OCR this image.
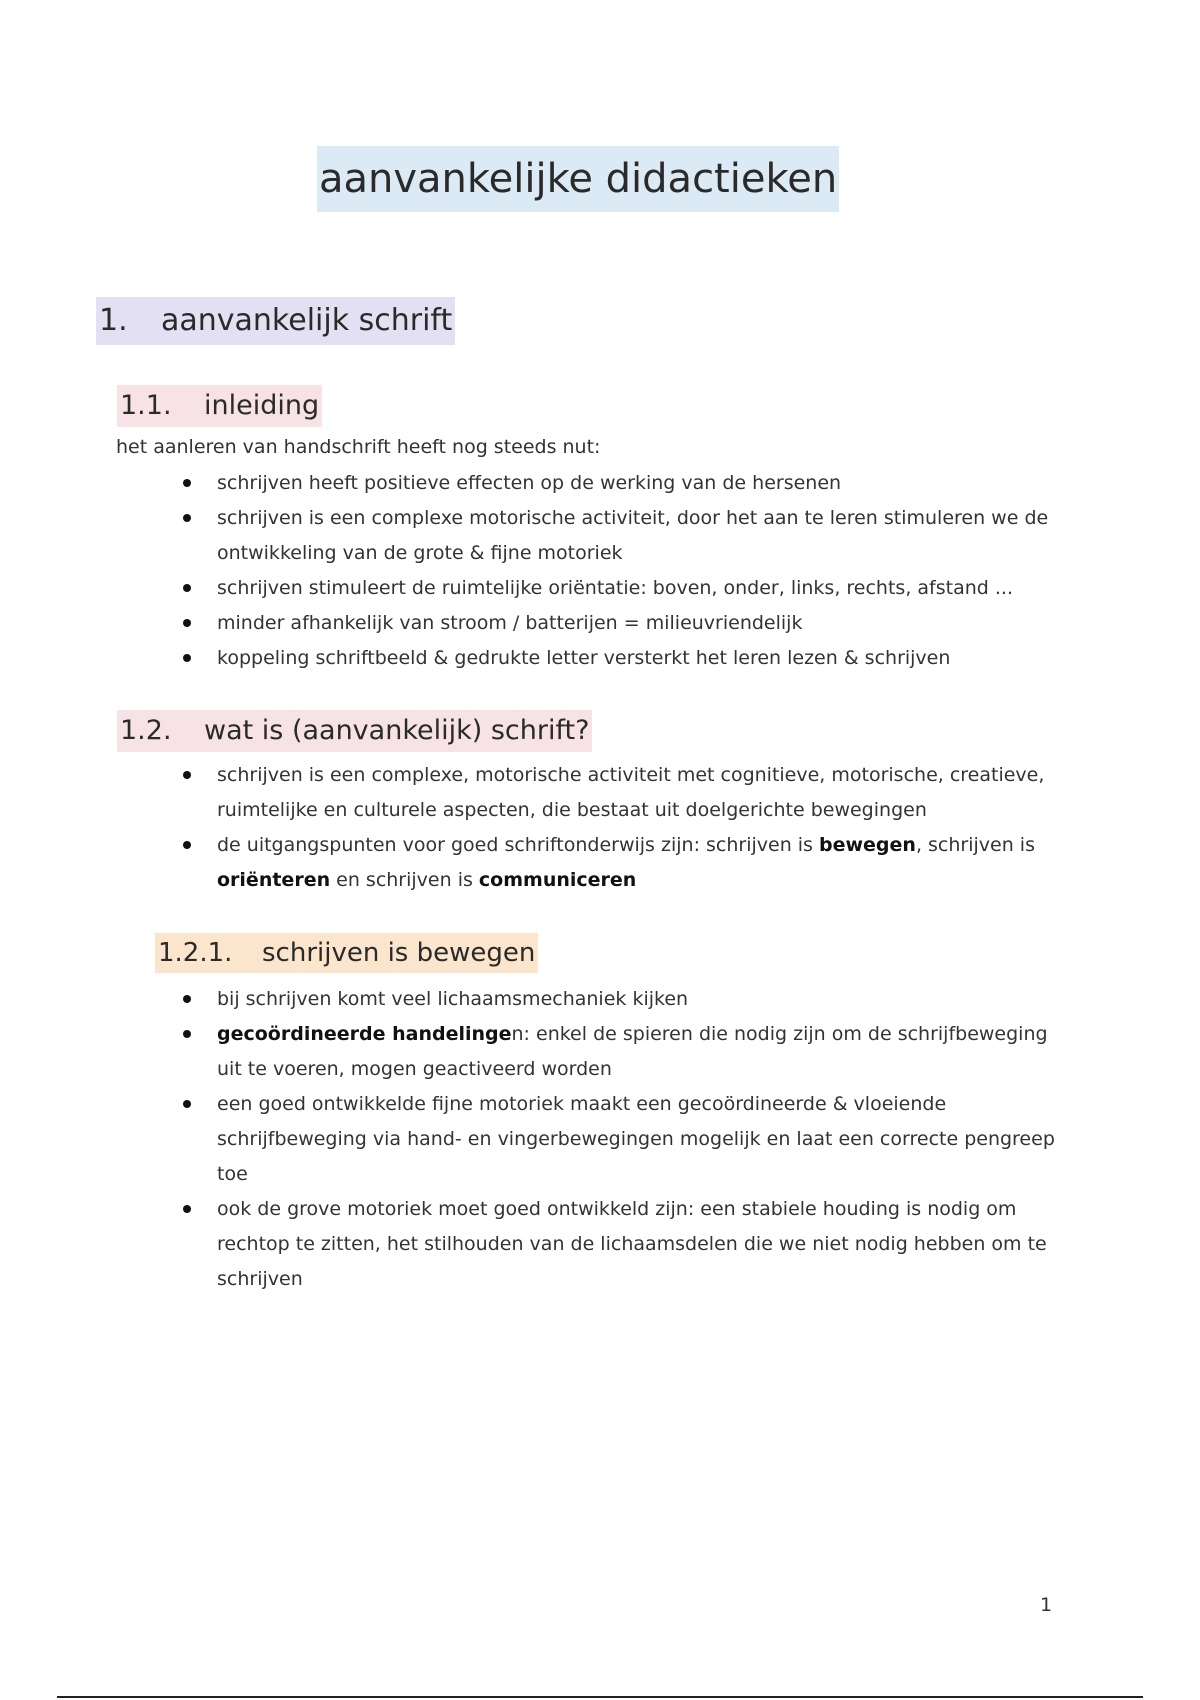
aanvankelijke didactieken
1. aanvankelijk schrift
1.1. inleiding
het aanleren van handschrift heeft nog steeds nut:
schrijven heeft positieve effecten op de werking van de hersenen
schrijven is een complexe motorische activiteit, door het aan te leren stimuleren we de ontwikkeling van de grote & fijne motoriek
schrijven stimuleert de ruimtelijke oriëntatie: boven, onder, links, rechts, afstand ...
minder afhankelijk van stroom / batterijen = milieuvriendelijk
koppeling schriftbeeld & gedrukte letter versterkt het leren lezen & schrijven
1.2. wat is (aanvankelijk) schrift?
schrijven is een complexe, motorische activiteit met cognitieve, motorische, creatieve, ruimtelijke en culturele aspecten, die bestaat uit doelgerichte bewegingen
de uitgangspunten voor goed schriftonderwijs zijn: schrijven is bewegen, schrijven is oriënteren en schrijven is communiceren
1.2.1. schrijven is bewegen
bij schrijven komt veel lichaamsmechaniek kijken
gecoördineerde handelingen: enkel de spieren die nodig zijn om de schrijfbeweging uit te voeren, mogen geactiveerd worden
een goed ontwikkelde fijne motoriek maakt een gecoördineerde & vloeiende schrijfbeweging via hand- en vingerbewegingen mogelijk en laat een correcte pengreep toe
ook de grove motoriek moet goed ontwikkeld zijn: een stabiele houding is nodig om rechtop te zitten, het stilhouden van de lichaamsdelen die we niet nodig hebben om te schrijven
1
